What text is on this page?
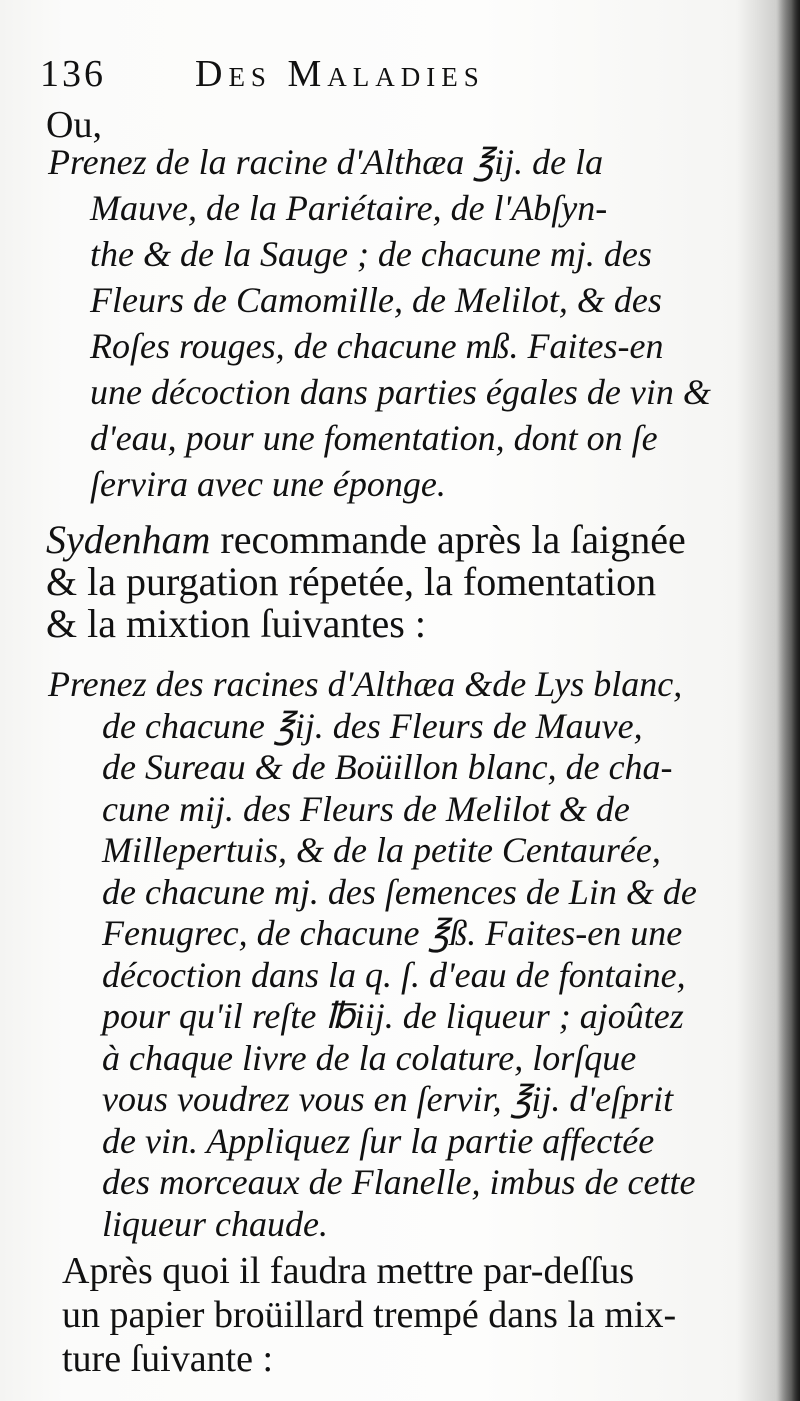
136 Des Maladies
Ou,
Prenez de la racine d'Althæa ℥ij. de la
Mauve, de la Pariétaire, de l'Abſyn-
the & de la Sauge ; de chacune mj. des
Fleurs de Camomille, de Melilot, & des
Roſes rouges, de chacune mß. Faites-en
une décoction dans parties égales de vin &
d'eau, pour une fomentation, dont on ſe
ſervira avec une éponge.
Sydenham recommande après la ſaignée
& la purgation répetée, la fomentation
& la mixtion ſuivantes :
Prenez des racines d'Althæa &de Lys blanc,
de chacune ℥ij. des Fleurs de Mauve,
de Sureau & de Boüillon blanc, de cha-
cune mij. des Fleurs de Melilot & de
Millepertuis, & de la petite Centaurée,
de chacune mj. des ſemences de Lin & de
Fenugrec, de chacune ℥ß. Faites-en une
décoction dans la q. ſ. d'eau de fontaine,
pour qu'il reſte ℔iij. de liqueur ; ajoûtez
à chaque livre de la colature, lorſque
vous voudrez vous en ſervir, ℥ij. d'eſprit
de vin. Appliquez ſur la partie affectée
des morceaux de Flanelle, imbus de cette
liqueur chaude.
Après quoi il faudra mettre par-deſſus
un papier broüillard trempé dans la mix-
ture ſuivante :
